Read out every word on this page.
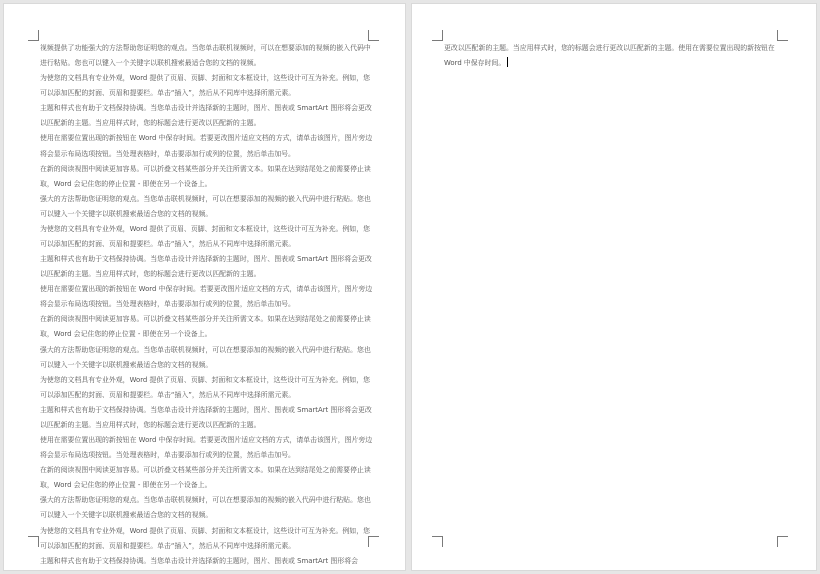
视频提供了功能强大的方法帮助您证明您的观点。当您单击联机视频时，可以在想要添加的视频的嵌入代码中进行粘贴。您也可以键入一个关键字以联机搜索最适合您的文档的视频。

为使您的文档具有专业外观，Word 提供了页眉、页脚、封面和文本框设计，这些设计可互为补充。例如，您可以添加匹配的封面、页眉和提要栏。单击“插入”，然后从不同库中选择所需元素。

主题和样式也有助于文档保持协调。当您单击设计并选择新的主题时，图片、图表或 SmartArt 图形将会更改以匹配新的主题。当应用样式时，您的标题会进行更改以匹配新的主题。

使用在需要位置出现的新按钮在 Word 中保存时间。若要更改图片适应文档的方式，请单击该图片，图片旁边将会显示布局选项按钮。当处理表格时，单击要添加行或列的位置，然后单击加号。

在新的阅读视图中阅读更加容易。可以折叠文档某些部分并关注所需文本。如果在达到结尾处之前需要停止读取，Word 会记住您的停止位置 - 即使在另一个设备上。

强大的方法帮助您证明您的观点。当您单击联机视频时，可以在想要添加的视频的嵌入代码中进行粘贴。您也可以键入一个关键字以联机搜索最适合您的文档的视频。

为使您的文档具有专业外观，Word 提供了页眉、页脚、封面和文本框设计，这些设计可互为补充。例如，您可以添加匹配的封面、页眉和提要栏。单击“插入”，然后从不同库中选择所需元素。

主题和样式也有助于文档保持协调。当您单击设计并选择新的主题时，图片、图表或 SmartArt 图形将会更改以匹配新的主题。当应用样式时，您的标题会进行更改以匹配新的主题。

使用在需要位置出现的新按钮在 Word 中保存时间。若要更改图片适应文档的方式，请单击该图片，图片旁边将会显示布局选项按钮。当处理表格时，单击要添加行或列的位置，然后单击加号。

在新的阅读视图中阅读更加容易。可以折叠文档某些部分并关注所需文本。如果在达到结尾处之前需要停止读取，Word 会记住您的停止位置 - 即使在另一个设备上。

强大的方法帮助您证明您的观点。当您单击联机视频时，可以在想要添加的视频的嵌入代码中进行粘贴。您也可以键入一个关键字以联机搜索最适合您的文档的视频。

为使您的文档具有专业外观，Word 提供了页眉、页脚、封面和文本框设计，这些设计可互为补充。例如，您可以添加匹配的封面、页眉和提要栏。单击“插入”，然后从不同库中选择所需元素。

主题和样式也有助于文档保持协调。当您单击设计并选择新的主题时，图片、图表或 SmartArt 图形将会更改以匹配新的主题。当应用样式时，您的标题会进行更改以匹配新的主题。

使用在需要位置出现的新按钮在 Word 中保存时间。若要更改图片适应文档的方式，请单击该图片，图片旁边将会显示布局选项按钮。当处理表格时，单击要添加行或列的位置，然后单击加号。

在新的阅读视图中阅读更加容易。可以折叠文档某些部分并关注所需文本。如果在达到结尾处之前需要停止读取，Word 会记住您的停止位置 - 即使在另一个设备上。

强大的方法帮助您证明您的观点。当您单击联机视频时，可以在想要添加的视频的嵌入代码中进行粘贴。您也可以键入一个关键字以联机搜索最适合您的文档的视频。

为使您的文档具有专业外观，Word 提供了页眉、页脚、封面和文本框设计，这些设计可互为补充。例如，您可以添加匹配的封面、页眉和提要栏。单击“插入”，然后从不同库中选择所需元素。

主题和样式也有助于文档保持协调。当您单击设计并选择新的主题时，图片、图表或 SmartArt 图形将会

更改以匹配新的主题。当应用样式时，您的标题会进行更改以匹配新的主题。使用在需要位置出现的新按钮在 Word 中保存时间。
